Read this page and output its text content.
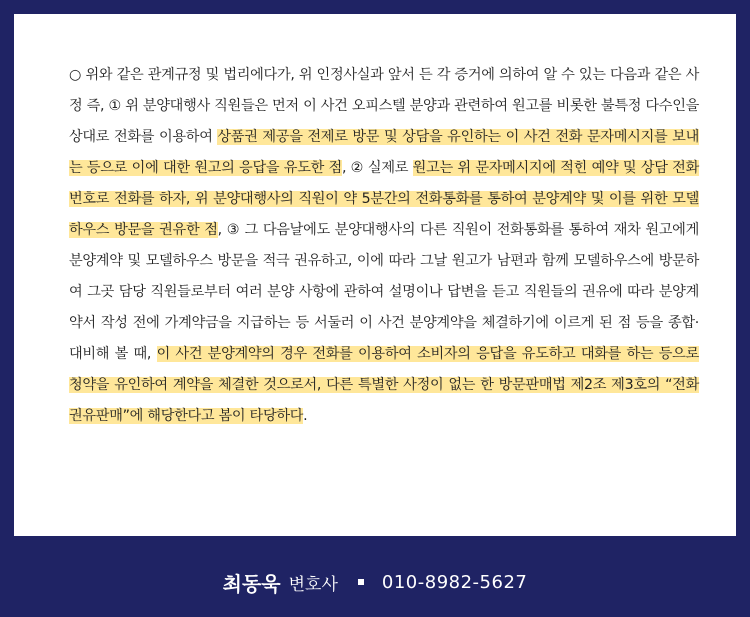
○ 위와 같은 관계규정 및 법리에다가, 위 인정사실과 앞서 든 각 증거에 의하여 알 수 있는 다음과 같은 사정 즉, ① 위 분양대행사 직원들은 먼저 이 사건 오피스텔 분양과 관련하여 원고를 비롯한 불특정 다수인을 상대로 전화를 이용하여 상품권 제공을 전제로 방문 및 상담을 유인하는 이 사건 전화 문자메시지를 보내는 등으로 이에 대한 원고의 응답을 유도한 점, ② 실제로 원고는 위 문자메시지에 적힌 예약 및 상담 전화번호로 전화를 하자, 위 분양대행사의 직원이 약 5분간의 전화통화를 통하여 분양계약 및 이를 위한 모델하우스 방문을 권유한 점, ③ 그 다음날에도 분양대행사의 다른 직원이 전화통화를 통하여 재차 원고에게 분양계약 및 모델하우스 방문을 적극 권유하고, 이에 따라 그날 원고가 남편과 함께 모델하우스에 방문하여 그곳 담당 직원들로부터 여러 분양 사항에 관하여 설명이나 답변을 듣고 직원들의 권유에 따라 분양계약서 작성 전에 가계약금을 지급하는 등 서둘러 이 사건 분양계약을 체결하기에 이르게 된 점 등을 종합·대비해 볼 때, 이 사건 분양계약의 경우 전화를 이용하여 소비자의 응답을 유도하고 대화를 하는 등으로 청약을 유인하여 계약을 체결한 것으로서, 다른 특별한 사정이 없는 한 방문판매법 제2조 제3호의 “전화권유판매”에 해당한다고 봄이 타당하다.

최동욱 변호사 010-8982-5627
